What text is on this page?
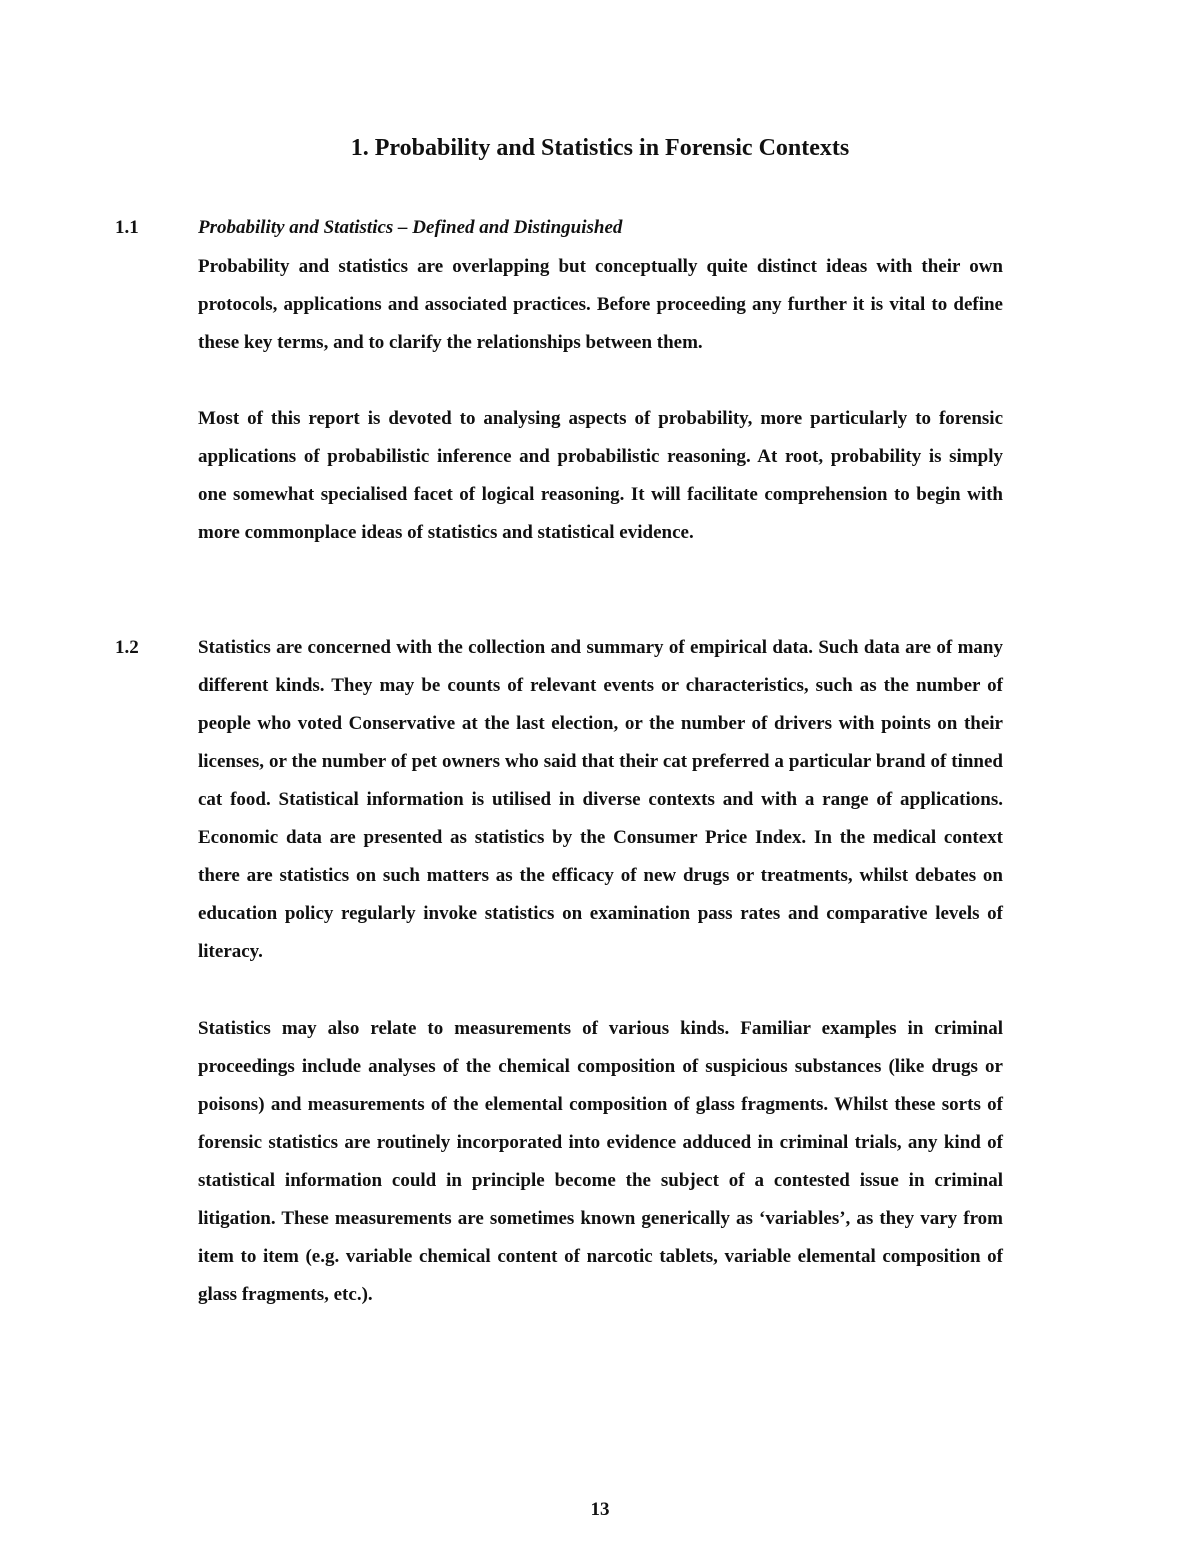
1. Probability and Statistics in Forensic Contexts
1.1	Probability and Statistics – Defined and Distinguished

Probability and statistics are overlapping but conceptually quite distinct ideas with their own protocols, applications and associated practices. Before proceeding any further it is vital to define these key terms, and to clarify the relationships between them.

Most of this report is devoted to analysing aspects of probability, more particularly to forensic applications of probabilistic inference and probabilistic reasoning. At root, probability is simply one somewhat specialised facet of logical reasoning. It will facilitate comprehension to begin with more commonplace ideas of statistics and statistical evidence.

1.2	Statistics are concerned with the collection and summary of empirical data. Such data are of many different kinds. They may be counts of relevant events or characteristics, such as the number of people who voted Conservative at the last election, or the number of drivers with points on their licenses, or the number of pet owners who said that their cat preferred a particular brand of tinned cat food. Statistical information is utilised in diverse contexts and with a range of applications. Economic data are presented as statistics by the Consumer Price Index. In the medical context there are statistics on such matters as the efficacy of new drugs or treatments, whilst debates on education policy regularly invoke statistics on examination pass rates and comparative levels of literacy.

Statistics may also relate to measurements of various kinds. Familiar examples in criminal proceedings include analyses of the chemical composition of suspicious substances (like drugs or poisons) and measurements of the elemental composition of glass fragments. Whilst these sorts of forensic statistics are routinely incorporated into evidence adduced in criminal trials, any kind of statistical information could in principle become the subject of a contested issue in criminal litigation. These measurements are sometimes known generically as ‘variables’, as they vary from item to item (e.g. variable chemical content of narcotic tablets, variable elemental composition of glass fragments, etc.).

13
